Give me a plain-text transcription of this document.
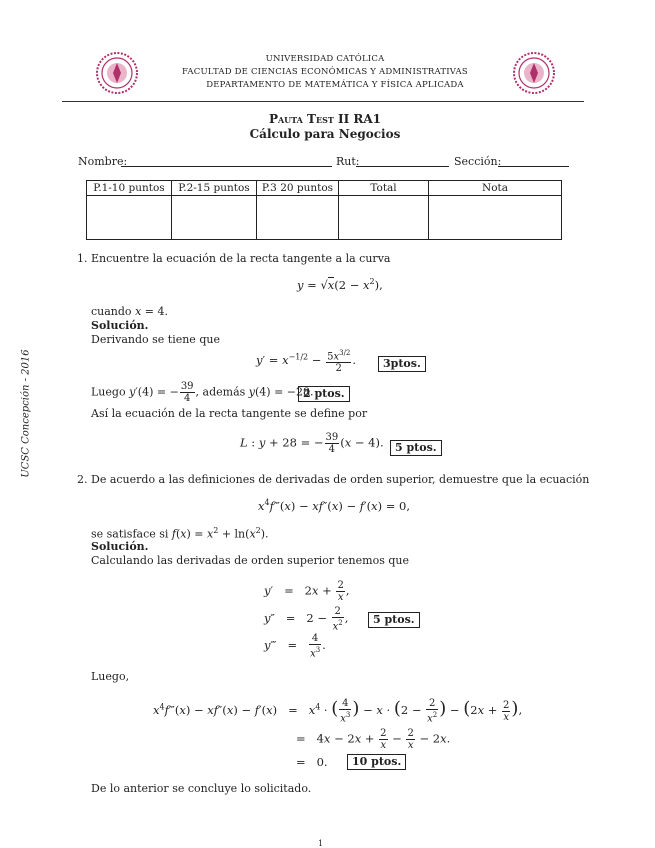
UNIVERSIDAD CATÓLICA
FACULTAD DE CIENCIAS ECONÓMICAS Y ADMINISTRATIVAS
DEPARTAMENTO DE MATEMÁTICA Y FÍSICA APLICADA
Pauta Test II RA1
Cálculo para Negocios
Nombre:	Rut:	Sección:
P.1-10 puntos	P.2-15 puntos	P.3 20 puntos	Total	Nota

UCSC Concepción - 2016
1. Encuentre la ecuación de la recta tangente a la curva
$y = √x(2 - x^2)$,
cuando x = 4.
Solución.
Derivando se tiene que
$y' = x^{-1/2} - \frac{5x^{3/2}}{2}$ .	3ptos.
Luego y′(4) = − $\frac{39}{4}$ , además y(4) = −28.
2 ptos.
Así la ecuación de la recta tangente se define por
L : y + 28 = − $\frac{39}{4} (x - 4)$.	5 ptos.
2. De acuerdo a las definiciones de derivadas de orden superior, demuestre que la ecuación
$x^4f‴(x) - xf''(x) - f'(x) = 0$,
se satisface si $f(x) = x^2 + \ln(x^2)$.
Solución.
Calculando las derivadas de orden superior tenemos que
$y' = 2x + \frac{2}{x}$ ,
$y'' = 2 - \frac{2}{x^2}$ ,	5 ptos.
y‴   = $\frac{4}{x^3}$ .
Luego,
$x^4f‴(x) - xf''(x) - f'(x) = x^4$ · ( $\frac{4}{x^3}$ ) − $x \cdot (2 - \frac{2}{x^2}$ ) − ($2x + \frac{2}{x}$ ),
=   $4x - 2x + \frac{2}{x} - \frac{2}{x} - 2x$.
=   0.	10 ptos.
De lo anterior se concluye lo solicitado.
1
